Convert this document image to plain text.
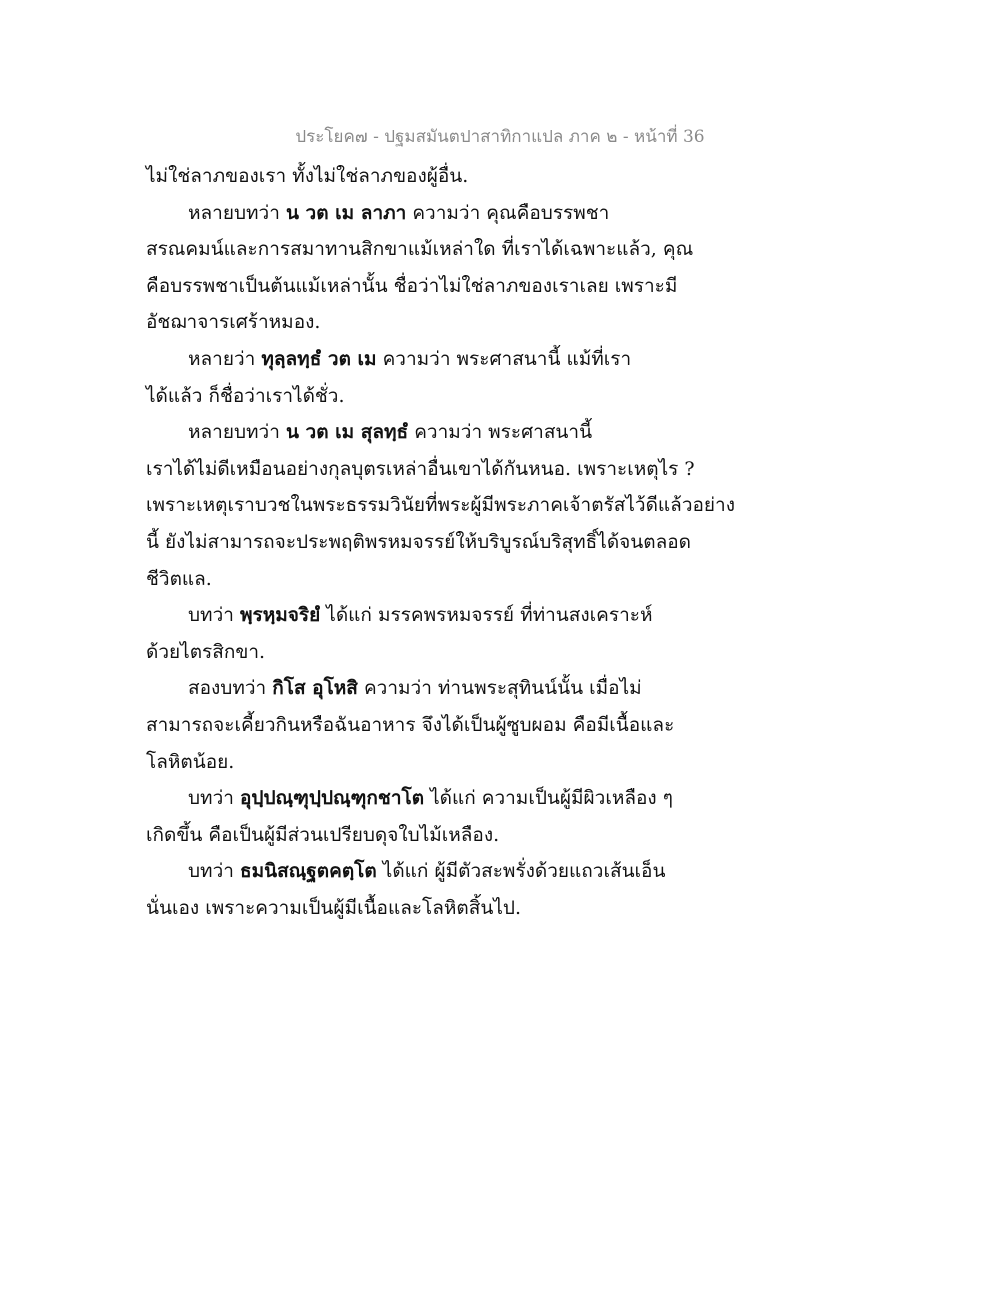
ประโยค๗ - ปฐมสมันตปาสาทิกาแปล ภาค ๒ - หน้าที่ 36
ไม่ใช่ลาภของเรา ทั้งไม่ใช่ลาภของผู้อื่น.
หลายบทว่า น วต เม ลาภา ความว่า คุณคือบรรพชา
สรณคมน์และการสมาทานสิกขาแม้เหล่าใด ที่เราได้เฉพาะแล้ว, คุณ
คือบรรพชาเป็นต้นแม้เหล่านั้น ชื่อว่าไม่ใช่ลาภของเราเลย เพราะมี
อัชฌาจารเศร้าหมอง.
หลายว่า ทุลฺลทฺธํ วต เม ความว่า พระศาสนานี้ แม้ที่เรา
ได้แล้ว ก็ชื่อว่าเราได้ชั่ว.
หลายบทว่า น วต เม สุลทฺธํ ความว่า พระศาสนานี้
เราได้ไม่ดีเหมือนอย่างกุลบุตรเหล่าอื่นเขาได้กันหนอ. เพราะเหตุไร ?
เพราะเหตุเราบวชในพระธรรมวินัยที่พระผู้มีพระภาคเจ้าตรัสไว้ดีแล้วอย่าง
นี้ ยังไม่สามารถจะประพฤติพรหมจรรย์ให้บริบูรณ์บริสุทธิ์ได้จนตลอด
ชีวิตแล.
บทว่า พฺรหฺมจริยํ ได้แก่ มรรคพรหมจรรย์ ที่ท่านสงเคราะห์
ด้วยไตรสิกขา.
สองบทว่า กิโส อุโหสิ ความว่า ท่านพระสุทินน์นั้น เมื่อไม่
สามารถจะเคี้ยวกินหรือฉันอาหาร จึงได้เป็นผู้ซูบผอม คือมีเนื้อและ
โลหิตน้อย.
บทว่า อุปฺปณฺฑุปฺปณฺฑุกชาโต ได้แก่ ความเป็นผู้มีผิวเหลือง ๆ
เกิดขึ้น คือเป็นผู้มีส่วนเปรียบดุจใบไม้เหลือง.
บทว่า ธมนิสณฺฐตคตฺโต ได้แก่ ผู้มีตัวสะพรั่งด้วยแถวเส้นเอ็น
นั่นเอง เพราะความเป็นผู้มีเนื้อและโลหิตสิ้นไป.
